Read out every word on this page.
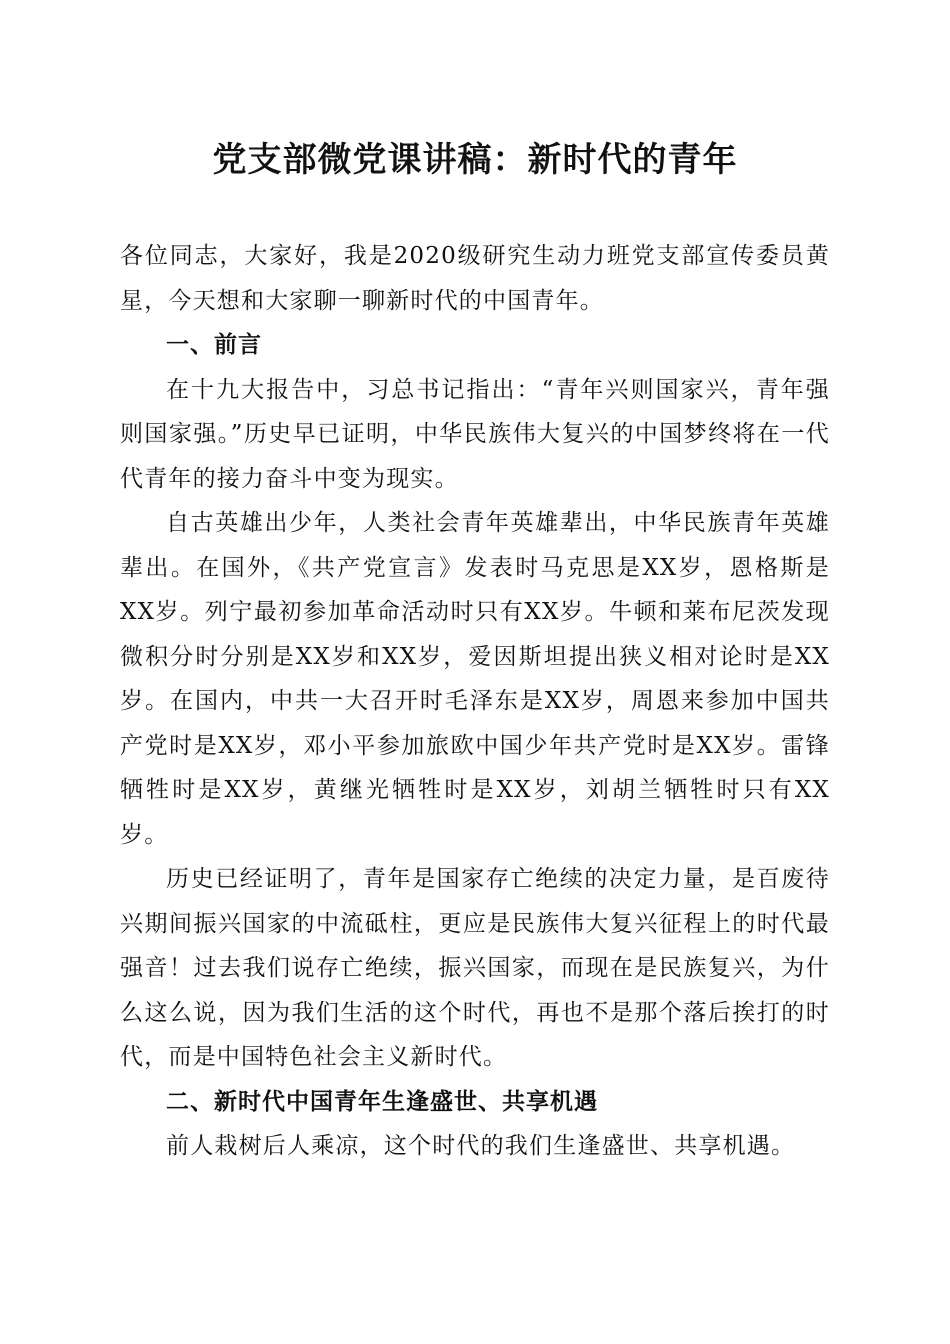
党支部微党课讲稿：新时代的青年

各位同志，大家好，我是2020级研究生动力班党支部宣传委员黄星，今天想和大家聊一聊新时代的中国青年。

一、前言

在十九大报告中，习总书记指出：“青年兴则国家兴，青年强则国家强。”历史早已证明，中华民族伟大复兴的中国梦终将在一代代青年的接力奋斗中变为现实。

自古英雄出少年，人类社会青年英雄辈出，中华民族青年英雄辈出。在国外，《共产党宣言》发表时马克思是XX岁，恩格斯是XX岁。列宁最初参加革命活动时只有XX岁。牛顿和莱布尼茨发现微积分时分别是XX岁和XX岁，爱因斯坦提出狭义相对论时是XX岁。在国内，中共一大召开时毛泽东是XX岁，周恩来参加中国共产党时是XX岁，邓小平参加旅欧中国少年共产党时是XX岁。雷锋牺牲时是XX岁，黄继光牺牲时是XX岁，刘胡兰牺牲时只有XX岁。

历史已经证明了，青年是国家存亡绝续的决定力量，是百废待兴期间振兴国家的中流砥柱，更应是民族伟大复兴征程上的时代最强音！过去我们说存亡绝续，振兴国家，而现在是民族复兴，为什么这么说，因为我们生活的这个时代，再也不是那个落后挨打的时代，而是中国特色社会主义新时代。

二、新时代中国青年生逢盛世、共享机遇

前人栽树后人乘凉，这个时代的我们生逢盛世、共享机遇。
